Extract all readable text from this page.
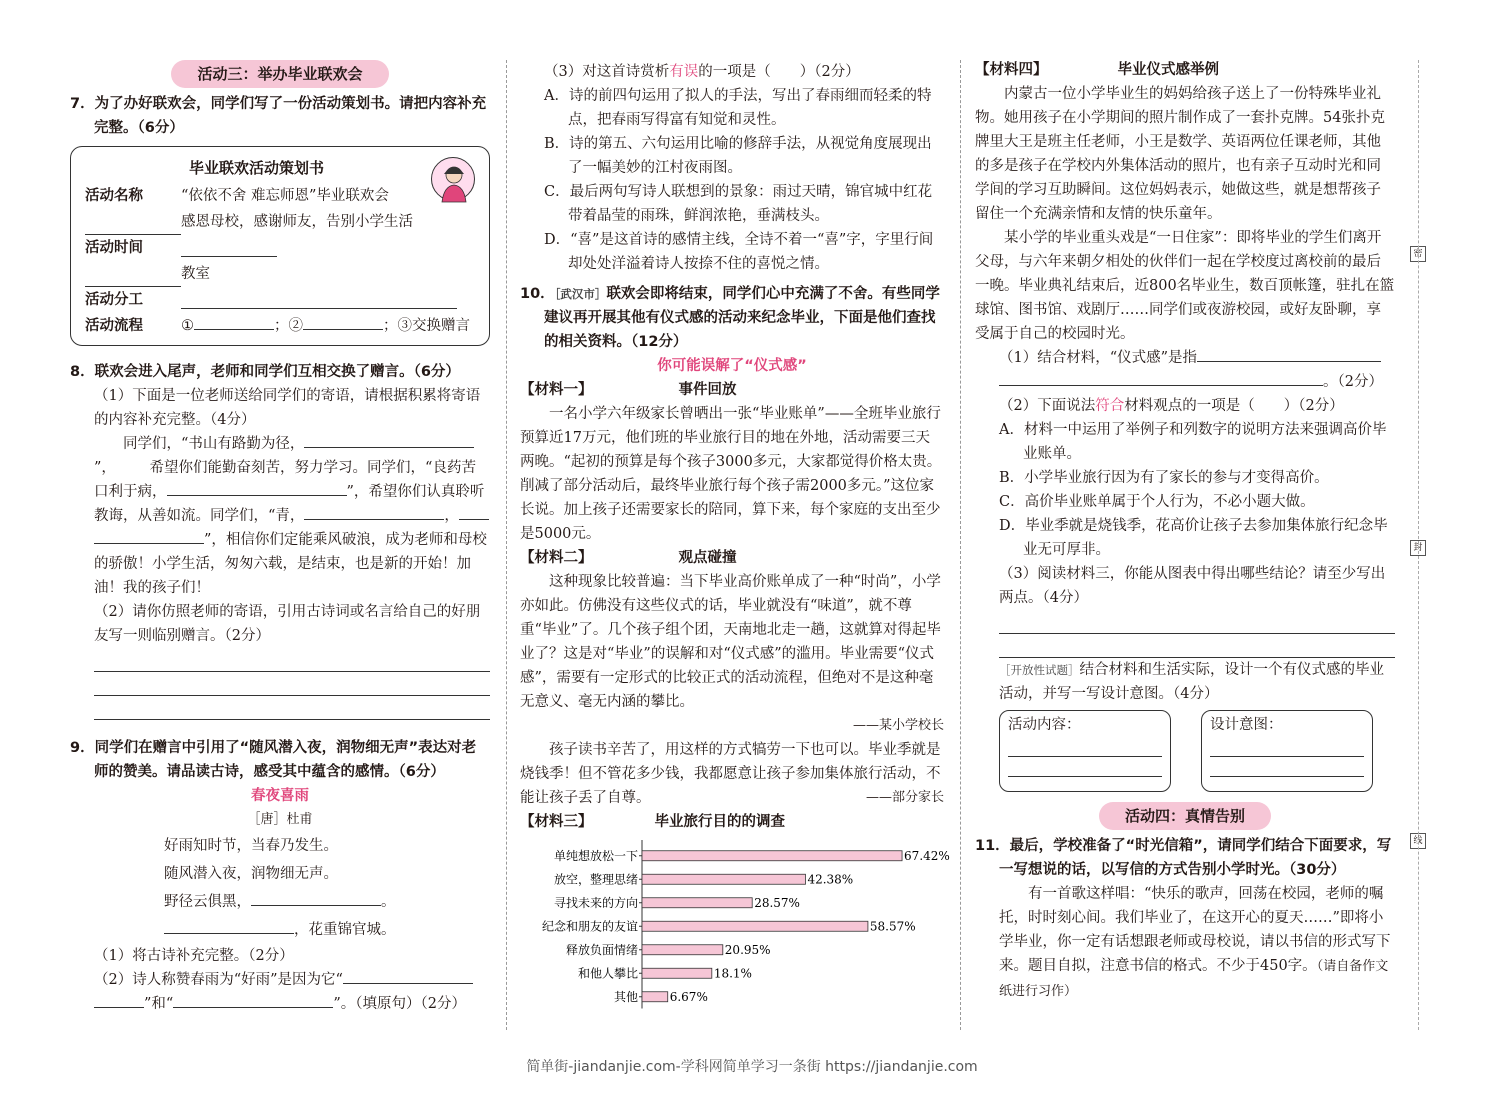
活动三：举办毕业联欢会
7．为了办好联欢会，同学们写了一份活动策划书。请把内容补充完整。（6分）
毕业联欢活动策划书
活动名称	“依依不舍 难忘师恩”毕业联欢会
感恩母校，感谢师友，告别小学生活
活动时间
教室
活动分工
活动流程	①	；②	；③交换赠言
8．联欢会进入尾声，老师和同学们互相交换了赠言。（6分）
（1）下面是一位老师送给同学们的寄语，请根据积累将寄语的内容补充完整。（4分）
同学们，“书山有路勤为径，”， 希望你们能勤奋刻苦，努力学习。同学们，“良药苦口利于病，	”，希望你们认真聆听教诲，从善如流。同学们，“青，	，”，相信你们定能乘风破浪，成为老师和母校的骄傲！小学生活，匆匆六载，是结束，也是新的开始！加油！我的孩子们！
（2）请你仿照老师的寄语，引用古诗词或名言给自己的好朋友写一则临别赠言。（2分）
9．同学们在赠言中引用了“随风潜入夜，润物细无声”表达对老师的赞美。请品读古诗，感受其中蕴含的感情。（6分）
春夜喜雨
［唐］杜甫
好雨知时节，当春乃发生。
随风潜入夜，润物细无声。
野径云俱黑，	。
，花重锦官城。
（1）将古诗补充完整。（2分）
（2）诗人称赞春雨为“好雨”是因为它“”和“	”。（填原句）（2分）
（3）对这首诗赏析有误的一项是（　　）（2分）
A．诗的前四句运用了拟人的手法，写出了春雨细而轻柔的特点，把春雨写得富有知觉和灵性。
B．诗的第五、六句运用比喻的修辞手法，从视觉角度展现出了一幅美妙的江村夜雨图。
C．最后两句写诗人联想到的景象：雨过天晴，锦官城中红花带着晶莹的雨珠，鲜润浓艳，垂满枝头。
D．“喜”是这首诗的感情主线，全诗不着一“喜”字，字里行间却处处洋溢着诗人按捺不住的喜悦之情。
10．［武汉市］联欢会即将结束，同学们心中充满了不舍。有些同学建议再开展其他有仪式感的活动来纪念毕业，下面是他们查找的相关资料。（12分）
你可能误解了“仪式感”
【材料一】	事件回放
一名小学六年级家长曾晒出一张“毕业账单”——全班毕业旅行预算近17万元，他们班的毕业旅行目的地在外地，活动需要三天两晚。“起初的预算是每个孩子3000多元，大家都觉得价格太贵。削减了部分活动后，最终毕业旅行每个孩子需2000多元。”这位家长说。加上孩子还需要家长的陪同，算下来，每个家庭的支出至少是5000元。
【材料二】	观点碰撞
这种现象比较普遍：当下毕业高价账单成了一种“时尚”，小学亦如此。仿佛没有这些仪式的话，毕业就没有“味道”，就不尊重“毕业”了。几个孩子组个团，天南地北走一趟，这就算对得起毕业了？这是对“毕业”的误解和对“仪式感”的滥用。毕业需要“仪式感”，需要有一定形式的比较正式的活动流程，但绝对不是这种毫无意义、毫无内涵的攀比。
——某小学校长
孩子读书辛苦了，用这样的方式犒劳一下也可以。毕业季就是烧钱季！但不管花多少钱，我都愿意让孩子参加集体旅行活动，不能让孩子丢了自尊。	——部分家长
【材料三】	毕业旅行目的的调查
单纯想放松一下	67.42%
放空，整理思绪	42.38%
寻找未来的方向	28.57%
纪念和朋友的友谊	58.57%
释放负面情绪	20.95%
和他人攀比	18.1%
其他	6.67%
【材料四】	毕业仪式感举例
内蒙古一位小学毕业生的妈妈给孩子送上了一份特殊毕业礼物。她用孩子在小学期间的照片制作成了一套扑克牌。54张扑克牌里大王是班主任老师，小王是数学、英语两位任课老师，其他的多是孩子在学校内外集体活动的照片，也有亲子互动时光和同学间的学习互助瞬间。这位妈妈表示，她做这些，就是想帮孩子留住一个充满亲情和友情的快乐童年。
某小学的毕业重头戏是“一日住家”：即将毕业的学生们离开父母，与六年来朝夕相处的伙伴们一起在学校度过离校前的最后一晚。毕业典礼结束后，近800名毕业生，数百顶帐篷，驻扎在篮球馆、图书馆、戏剧厅……同学们或夜游校园，或好友卧聊，享受属于自己的校园时光。
（1）结合材料，“仪式感”是指
。（2分）
（2）下面说法符合材料观点的一项是（　　）（2分）
A．材料一中运用了举例子和列数字的说明方法来强调高价毕业账单。
B．小学毕业旅行因为有了家长的参与才变得高价。
C．高价毕业账单属于个人行为，不必小题大做。
D．毕业季就是烧钱季，花高价让孩子去参加集体旅行纪念毕业无可厚非。
（3）阅读材料三，你能从图表中得出哪些结论？请至少写出两点。（4分）
［开放性试题］结合材料和生活实际，设计一个有仪式感的毕业活动，并写一写设计意图。（4分）
活动内容：	设计意图：
活动四：真情告别
11．最后，学校准备了“时光信箱”，请同学们结合下面要求，写一写想说的话，以写信的方式告别小学时光。（30分）
有一首歌这样唱：“快乐的歌声，回荡在校园，老师的嘱托，时时刻心间。我们毕业了，在这开心的夏天……”即将小学毕业，你一定有话想跟老师或母校说，请以书信的形式写下来。题目自拟，注意书信的格式。不少于450字。（请自备作文纸进行习作）
密
封
线
简单街-jiandanjie.com-学科网简单学习一条街 https://jiandanjie.com
